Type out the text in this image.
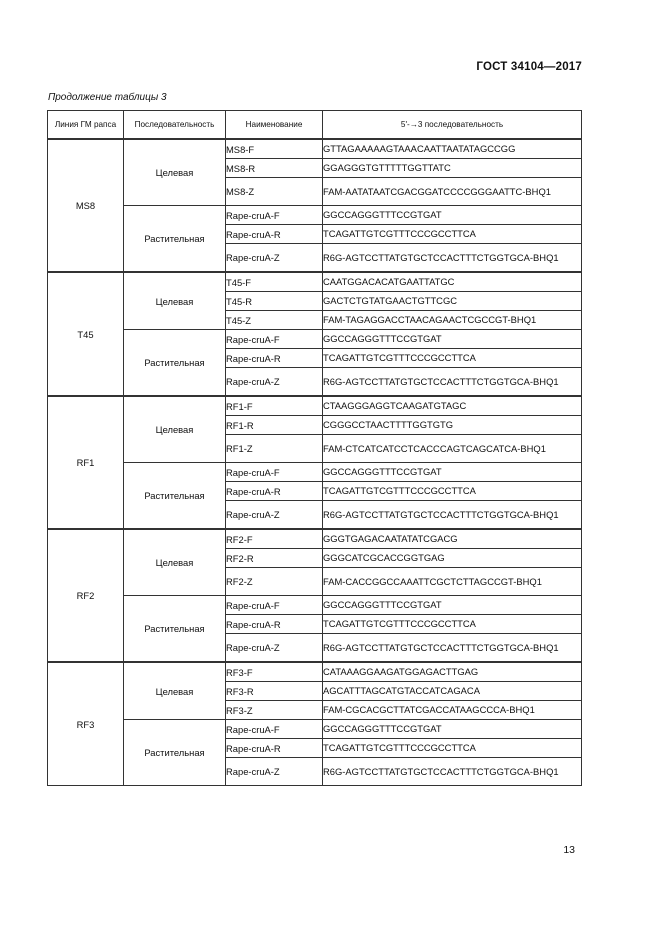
ГОСТ 34104—2017
Продолжение таблицы 3
Линия ГМ рапса	Последовательность	Наименование	5'-→3 последовательность
MS8	Целевая	MS8-F	GTTAGAAAAAGTAAACAATTAATATAGCCGG
		MS8-R	GGAGGGTGTTTTTGGTTATC
		MS8-Z	FAM-AATATAATCGACGGATCCCCGGGAATTC-BHQ1
	Растительная	Rape-cruA-F	GGCCAGGGTTTCCGTGAT
		Rape-cruA-R	TCAGATTGTCGTTTCCCGCCTTCA
		Rape-cruA-Z	R6G-AGTCCTTATGTGCTCCACTTTCTGGTGCA-BHQ1
T45	Целевая	T45-F	CAATGGACACATGAATTATGC
		T45-R	GACTCTGTATGAACTGTTCGC
		T45-Z	FAM-TAGAGGACCTAACAGAACTCGCCGT-BHQ1
	Растительная	Rape-cruA-F	GGCCAGGGTTTCCGTGAT
		Rape-cruA-R	TCAGATTGTCGTTTCCCGCCTTCA
		Rape-cruA-Z	R6G-AGTCCTTATGTGCTCCACTTTCTGGTGCA-BHQ1
RF1	Целевая	RF1-F	CTAAGGGAGGTCAAGATGTAGC
		RF1-R	CGGGCCTAACTTTTGGTGTG
		RF1-Z	FAM-CTCATCATCCTCACCCAGTCAGCATCA-BHQ1
	Растительная	Rape-cruA-F	GGCCAGGGTTTCCGTGAT
		Rape-cruA-R	TCAGATTGTCGTTTCCCGCCTTCA
		Rape-cruA-Z	R6G-AGTCCTTATGTGCTCCACTTTCTGGTGCA-BHQ1
RF2	Целевая	RF2-F	GGGTGAGACAATATATCGACG
		RF2-R	GGGCATCGCACCGGTGAG
		RF2-Z	FAM-CACCGGCCAAATTCGCTCTTAGCCGT-BHQ1
	Растительная	Rape-cruA-F	GGCCAGGGTTTCCGTGAT
		Rape-cruA-R	TCAGATTGTCGTTTCCCGCCTTCA
		Rape-cruA-Z	R6G-AGTCCTTATGTGCTCCACTTTCTGGTGCA-BHQ1
RF3	Целевая	RF3-F	CATAAAGGAAGATGGAGACTTGAG
		RF3-R	AGCATTTAGCATGTACCATCAGACA
		RF3-Z	FAM-CGCACGCTTATCGACCATAAGCCCA-BHQ1
	Растительная	Rape-cruA-F	GGCCAGGGTTTCCGTGAT
		Rape-cruA-R	TCAGATTGTCGTTTCCCGCCTTCA
		Rape-cruA-Z	R6G-AGTCCTTATGTGCTCCACTTTCTGGTGCA-BHQ1
13
